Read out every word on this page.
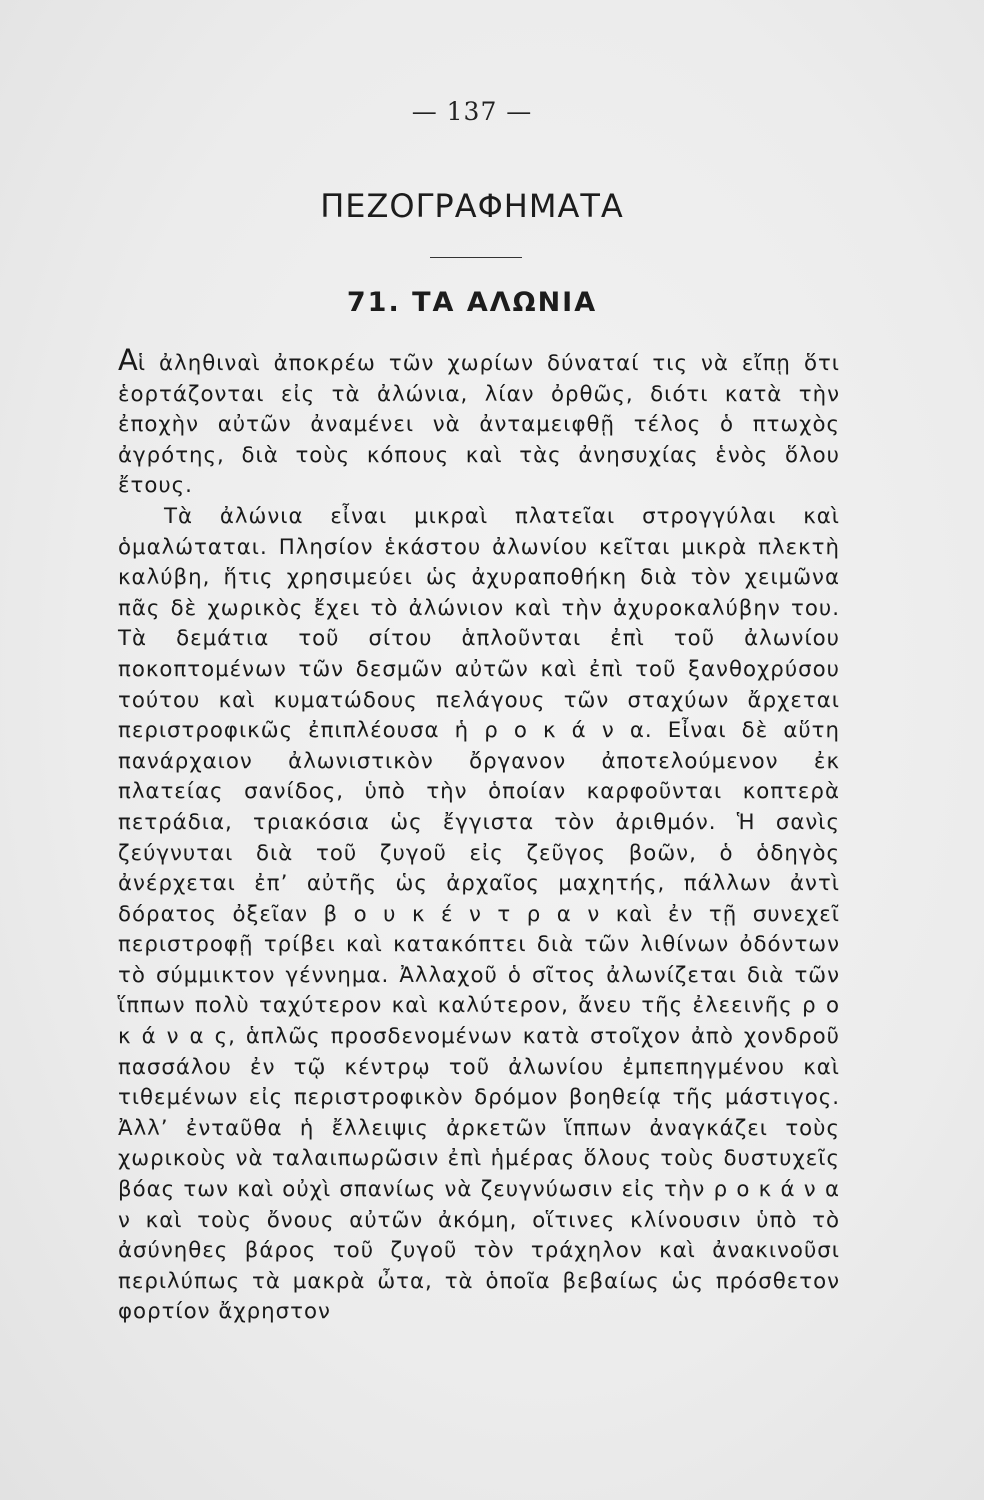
— 137 —
ΠΕΖΟΓΡΑΦΗΜΑΤΑ
71. ΤΑ ΑΛΩΝΙΑ

Αἱ ἀληθιναὶ ἀποκρέω τῶν χωρίων δύναταί τις νὰ εἴπῃ ὅτι ἑορτάζονται εἰς τὰ ἀλώνια, λίαν ὀρθῶς, διότι κατὰ τὴν ἐποχὴν αὐτῶν ἀναμένει νὰ ἀνταμειφθῇ τέλος ὁ πτωχὸς ἀγρότης, διὰ τοὺς κόπους καὶ τὰς ἀνησυχίας ἑνὸς ὅλου ἔτους.

Τὰ ἀλώνια εἶναι μικραὶ πλατεῖαι στρογγύλαι καὶ ὁμαλώταται. Πλησίον ἑκάστου ἀλωνίου κεῖται μικρὰ πλεκτὴ καλύβη, ἥτις χρησιμεύει ὡς ἀχυραποθήκη διὰ τὸν χειμῶνα πᾶς δὲ χωρικὸς ἔχει τὸ ἀλώνιον καὶ τὴν ἀχυροκαλύβην του. Τὰ δεμάτια τοῦ σίτου ἁπλοῦνται ἐπὶ τοῦ ἀλωνίου ποκοπτομένων τῶν δεσμῶν αὐτῶν καὶ ἐπὶ τοῦ ξανθοχρύσου τούτου καὶ κυματώδους πελάγους τῶν σταχύων ἄρχεται περιστροφικῶς ἐπιπλέουσα ἡ ρ ο κ ά ν α. Εἶναι δὲ αὕτη πανάρχαιον ἀλωνιστικὸν ὄργανον ἀποτελούμενον ἐκ πλατείας σανίδος, ὑπὸ τὴν ὁποίαν καρφοῦνται κοπτερὰ πετράδια, τριακόσια ὡς ἔγγιστα τὸν ἀριθμόν. Ἡ σανὶς ζεύγνυται διὰ τοῦ ζυγοῦ εἰς ζεῦγος βοῶν, ὁ ὁδηγὸς ἀνέρχεται ἐπ’ αὐτῆς ὡς ἀρχαῖος μαχητής, πάλλων ἀντὶ δόρατος ὀξεῖαν β ο υ κ έ ν τ ρ α ν καὶ ἐν τῇ συνεχεῖ περιστροφῇ τρίβει καὶ κατακόπτει διὰ τῶν λιθίνων ὀδόντων τὸ σύμμικτον γέννημα. Ἀλλαχοῦ ὁ σῖτος ἀλωνίζεται διὰ τῶν ἵππων πολὺ ταχύτερον καὶ καλύτερον, ἄνευ τῆς ἐλεεινῆς ρ ο κ ά ν α ς, ἁπλῶς προσδενομένων κατὰ στοῖχον ἀπὸ χονδροῦ πασσάλου ἐν τῷ κέντρῳ τοῦ ἀλωνίου ἐμπεπηγμένου καὶ τιθεμένων εἰς περιστροφικὸν δρόμον βοηθείᾳ τῆς μάστιγος. Ἀλλ’ ἐνταῦθα ἡ ἔλλειψις ἀρκετῶν ἵππων ἀναγκάζει τοὺς χωρικοὺς νὰ ταλαιπωρῶσιν ἐπὶ ἡμέρας ὅλους τοὺς δυστυχεῖς βόας των καὶ οὐχὶ σπανίως νὰ ζευγνύωσιν εἰς τὴν ρ ο κ ά ν α ν καὶ τοὺς ὄνους αὐτῶν ἀκόμη, οἵτινες κλίνουσιν ὑπὸ τὸ ἀσύνηθες βάρος τοῦ ζυγοῦ τὸν τράχηλον καὶ ἀνακινοῦσι περιλύπως τὰ μακρὰ ὦτα, τὰ ὁποῖα βεβαίως ὡς πρόσθετον φορτίον ἄχρηστον
